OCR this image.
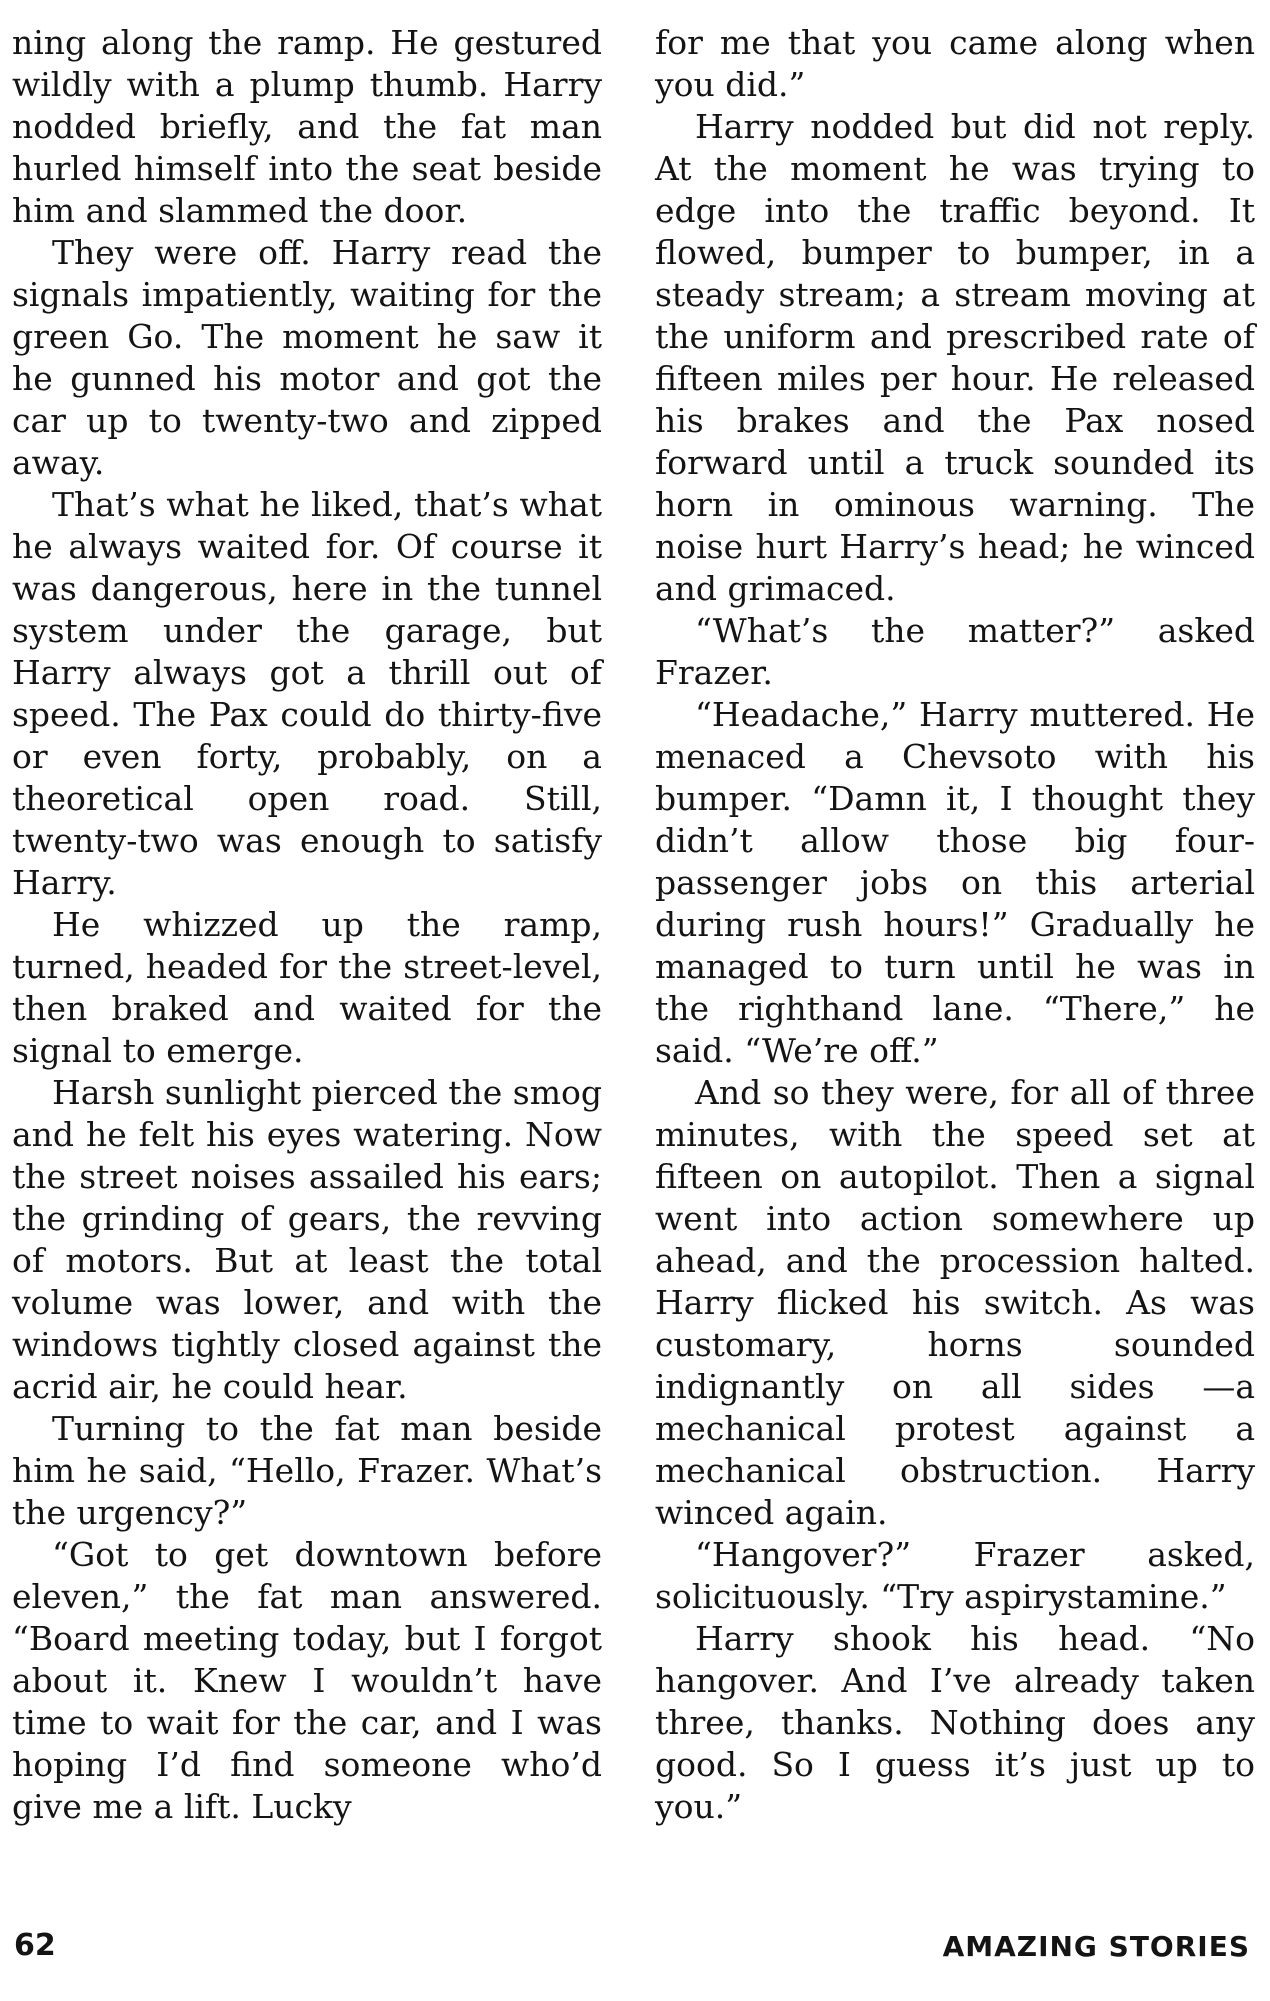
ning along the ramp. He gestured wildly with a plump thumb. Harry nodded briefly, and the fat man hurled himself into the seat beside him and slammed the door.

They were off. Harry read the signals impatiently, waiting for the green Go. The moment he saw it he gunned his motor and got the car up to twenty-two and zipped away.

That’s what he liked, that’s what he always waited for. Of course it was dangerous, here in the tunnel system under the garage, but Harry always got a thrill out of speed. The Pax could do thirty-five or even forty, probably, on a theoretical open road. Still, twenty-two was enough to satisfy Harry.

He whizzed up the ramp, turned, headed for the street-level, then braked and waited for the signal to emerge.

Harsh sunlight pierced the smog and he felt his eyes watering. Now the street noises assailed his ears; the grinding of gears, the revving of motors. But at least the total volume was lower, and with the windows tightly closed against the acrid air, he could hear.

Turning to the fat man beside him he said, “Hello, Frazer. What’s the urgency?”

“Got to get downtown before eleven,” the fat man answered. “Board meeting today, but I forgot about it. Knew I wouldn’t have time to wait for the car, and I was hoping I’d find someone who’d give me a lift. Lucky

for me that you came along when you did.”

Harry nodded but did not reply. At the moment he was trying to edge into the traffic beyond. It flowed, bumper to bumper, in a steady stream; a stream moving at the uniform and prescribed rate of fifteen miles per hour. He released his brakes and the Pax nosed forward until a truck sounded its horn in ominous warning. The noise hurt Harry’s head; he winced and grimaced.

“What’s the matter?” asked Frazer.

“Headache,” Harry muttered. He menaced a Chevsoto with his bumper. “Damn it, I thought they didn’t allow those big four-passenger jobs on this arterial during rush hours!” Gradually he managed to turn until he was in the righthand lane. “There,” he said. “We’re off.”

And so they were, for all of three minutes, with the speed set at fifteen on autopilot. Then a signal went into action somewhere up ahead, and the procession halted. Harry flicked his switch. As was customary, horns sounded indignantly on all sides —a mechanical protest against a mechanical obstruction. Harry winced again.

“Hangover?” Frazer asked, solicituously. “Try aspirystamine.”

Harry shook his head. “No hangover. And I’ve already taken three, thanks. Nothing does any good. So I guess it’s just up to you.”

62	AMAZING STORIES
